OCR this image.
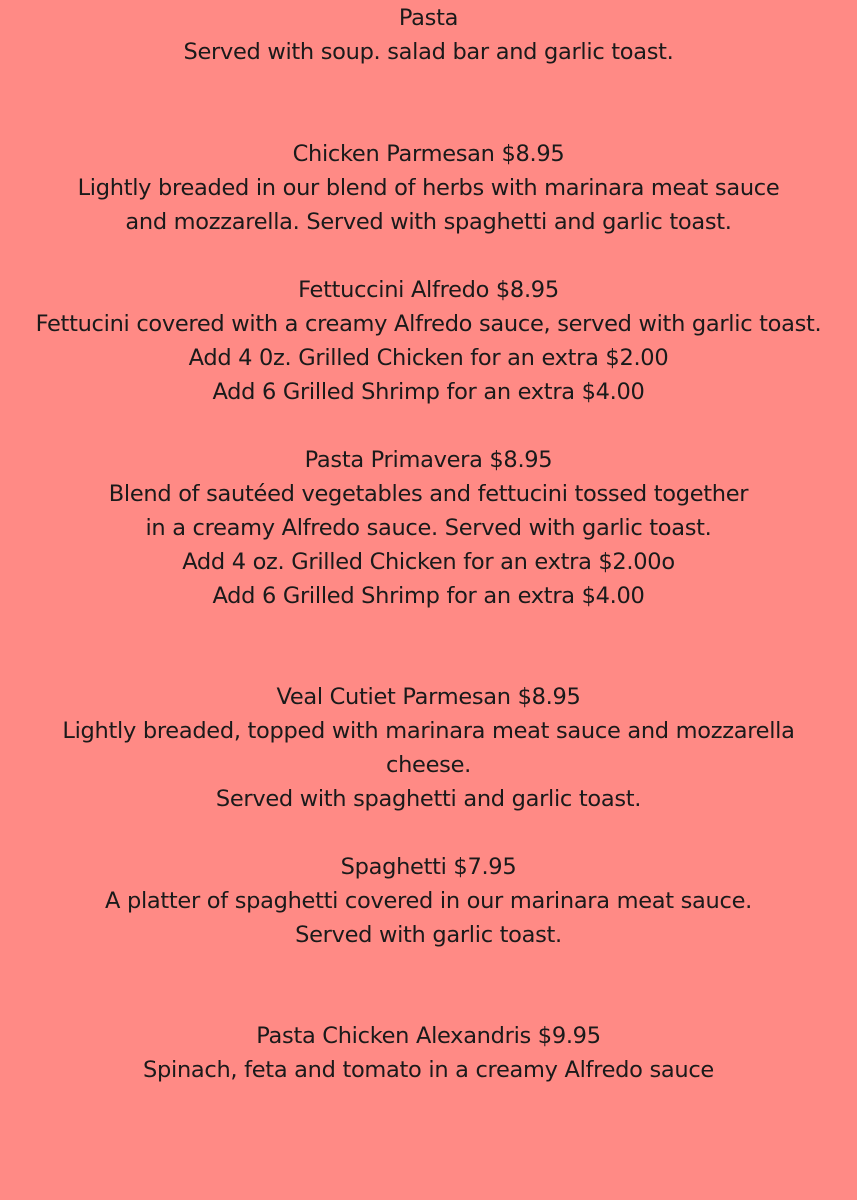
Pasta
Served with soup. salad bar and garlic toast.
Chicken Parmesan $8.95
Lightly breaded in our blend of herbs with marinara meat sauce
and mozzarella. Served with spaghetti and garlic toast.
Fettuccini Alfredo $8.95
Fettucini covered with a creamy Alfredo sauce, served with garlic toast.
Add 4 0z. Grilled Chicken for an extra $2.00
Add 6 Grilled Shrimp for an extra $4.00
Pasta Primavera $8.95
Blend of sautéed vegetables and fettucini tossed together
in a creamy Alfredo sauce. Served with garlic toast.
Add 4 oz. Grilled Chicken for an extra $2.00o
Add 6 Grilled Shrimp for an extra $4.00
Veal Cutiet Parmesan $8.95
Lightly breaded, topped with marinara meat sauce and mozzarella
cheese.
Served with spaghetti and garlic toast.
Spaghetti $7.95
A platter of spaghetti covered in our marinara meat sauce.
Served with garlic toast.
Pasta Chicken Alexandris $9.95
Spinach, feta and tomato in a creamy Alfredo sauce
